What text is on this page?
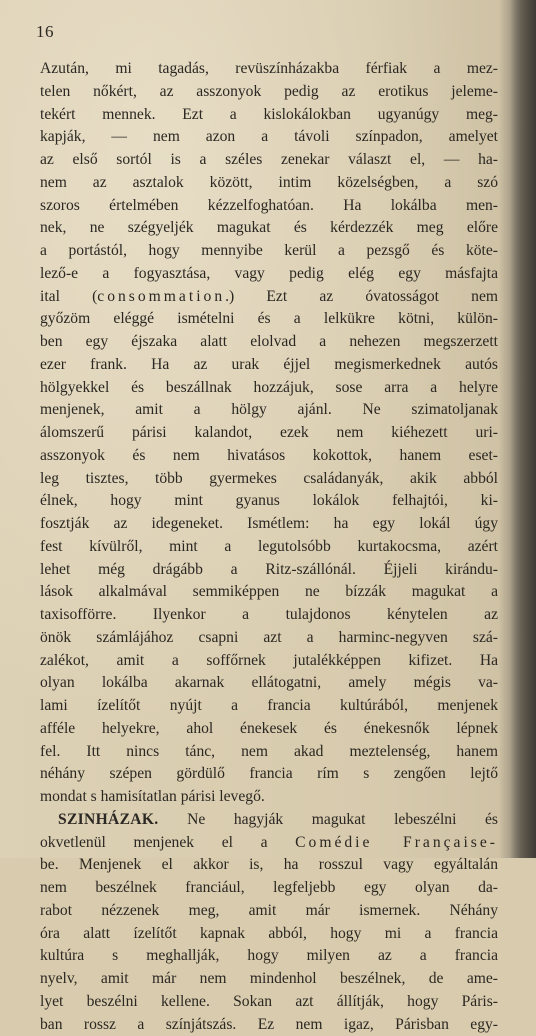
16
Azután, mi tagadás, revüszínházakba férfiak a mez-
telen nőkért, az asszonyok pedig az erotikus jeleme-
tekért mennek. Ezt a kislokálokban ugyanúgy meg-
kapják, — nem azon a távoli színpadon, amelyet
az első sortól is a széles zenekar választ el, — ha-
nem az asztalok között, intim közelségben, a szó
szoros értelmében kézzelfoghatóan. Ha lokálba men-
nek, ne szégyeljék magukat és kérdezzék meg előre
a portástól, hogy mennyibe kerül a pezsgő és köte-
lező-e a fogyasztása, vagy pedig elég egy másfajta
ital (consommation.) Ezt az óvatosságot nem
győzöm eléggé ismételni és a lelkükre kötni, külön-
ben egy éjszaka alatt elolvad a nehezen megszerzett
ezer frank. Ha az urak éjjel megismerkednek autós
hölgyekkel és beszállnak hozzájuk, sose arra a helyre
menjenek, amit a hölgy ajánl. Ne szimatoljanak
álomszerű párisi kalandot, ezek nem kiéhezett uri-
asszonyok és nem hivatásos kokottok, hanem eset-
leg tisztes, több gyermekes családanyák, akik abból
élnek, hogy mint gyanus lokálok felhajtói, ki-
fosztják az idegeneket. Ismétlem: ha egy lokál úgy
fest kívülről, mint a legutolsóbb kurtakocsma, azért
lehet még drágább a Ritz-szállónál. Éjjeli kirándu-
lások alkalmával semmiképpen ne bízzák magukat a
taxisofförre. Ilyenkor a tulajdonos kénytelen az
önök számlájához csapni azt a harminc-negyven szá-
zalékot, amit a soffőrnek jutalékképpen kifizet. Ha
olyan lokálba akarnak ellátogatni, amely mégis va-
lami ízelítőt nyújt a francia kultúrából, menjenek
afféle helyekre, ahol énekesek és énekesnők lépnek
fel. Itt nincs tánc, nem akad meztelenség, hanem
néhány szépen gördülő francia rím s zengően lejtő
mondat s hamisítatlan párisi levegő.
SZINHÁZAK. Ne hagyják magukat lebeszélni és
okvetlenül menjenek el a Comédie Française-
be. Menjenek el akkor is, ha rosszul vagy egyáltalán
nem beszélnek franciául, legfeljebb egy olyan da-
rabot nézzenek meg, amit már ismernek. Néhány
óra alatt ízelítőt kapnak abból, hogy mi a francia
kultúra s meghallják, hogy milyen az a francia
nyelv, amit már nem mindenhol beszélnek, de ame-
lyet beszélni kellene. Sokan azt állítják, hogy Páris-
ban rossz a színjátszás. Ez nem igaz, Párisban egy-
